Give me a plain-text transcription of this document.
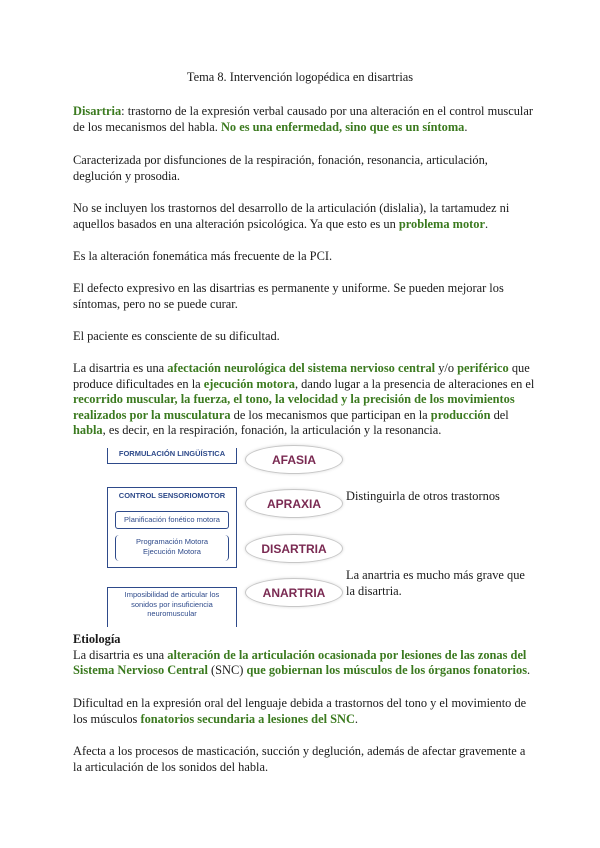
Tema 8. Intervención logopédica en disartrias

Disartria: trastorno de la expresión verbal causado por una alteración en el control muscular de los mecanismos del habla. No es una enfermedad, sino que es un síntoma.

Caracterizada por disfunciones de la respiración, fonación, resonancia, articulación, deglución y prosodia.

No se incluyen los trastornos del desarrollo de la articulación (dislalia), la tartamudez ni aquellos basados en una alteración psicológica. Ya que esto es un problema motor.

Es la alteración fonemática más frecuente de la PCI.

El defecto expresivo en las disartrias es permanente y uniforme. Se pueden mejorar los síntomas, pero no se puede curar.

El paciente es consciente de su dificultad.

La disartria es una afectación neurológica del sistema nervioso central y/o periférico que produce dificultades en la ejecución motora, dando lugar a la presencia de alteraciones en el recorrido muscular, la fuerza, el tono, la velocidad y la precisión de los movimientos realizados por la musculatura de los mecanismos que participan en la producción del habla, es decir, en la respiración, fonación, la articulación y la resonancia.

FORMULACIÓN LINGÜÍSTICA
CONTROL SENSORIOMOTOR
Planificación fonético motora
Programación Motora
Ejecución Motora
Imposibilidad de articular los sonidos por insuficiencia neuromuscular
AFASIA
APRAXIA
DISARTRIA
ANARTRIA
Distinguirla de otros trastornos
La anartria es mucho más grave que la disartria.

Etiología
La disartria es una alteración de la articulación ocasionada por lesiones de las zonas del Sistema Nervioso Central (SNC) que gobiernan los músculos de los órganos fonatorios.

Dificultad en la expresión oral del lenguaje debida a trastornos del tono y el movimiento de los músculos fonatorios secundaria a lesiones del SNC.

Afecta a los procesos de masticación, succión y deglución, además de afectar gravemente a la articulación de los sonidos del habla.
